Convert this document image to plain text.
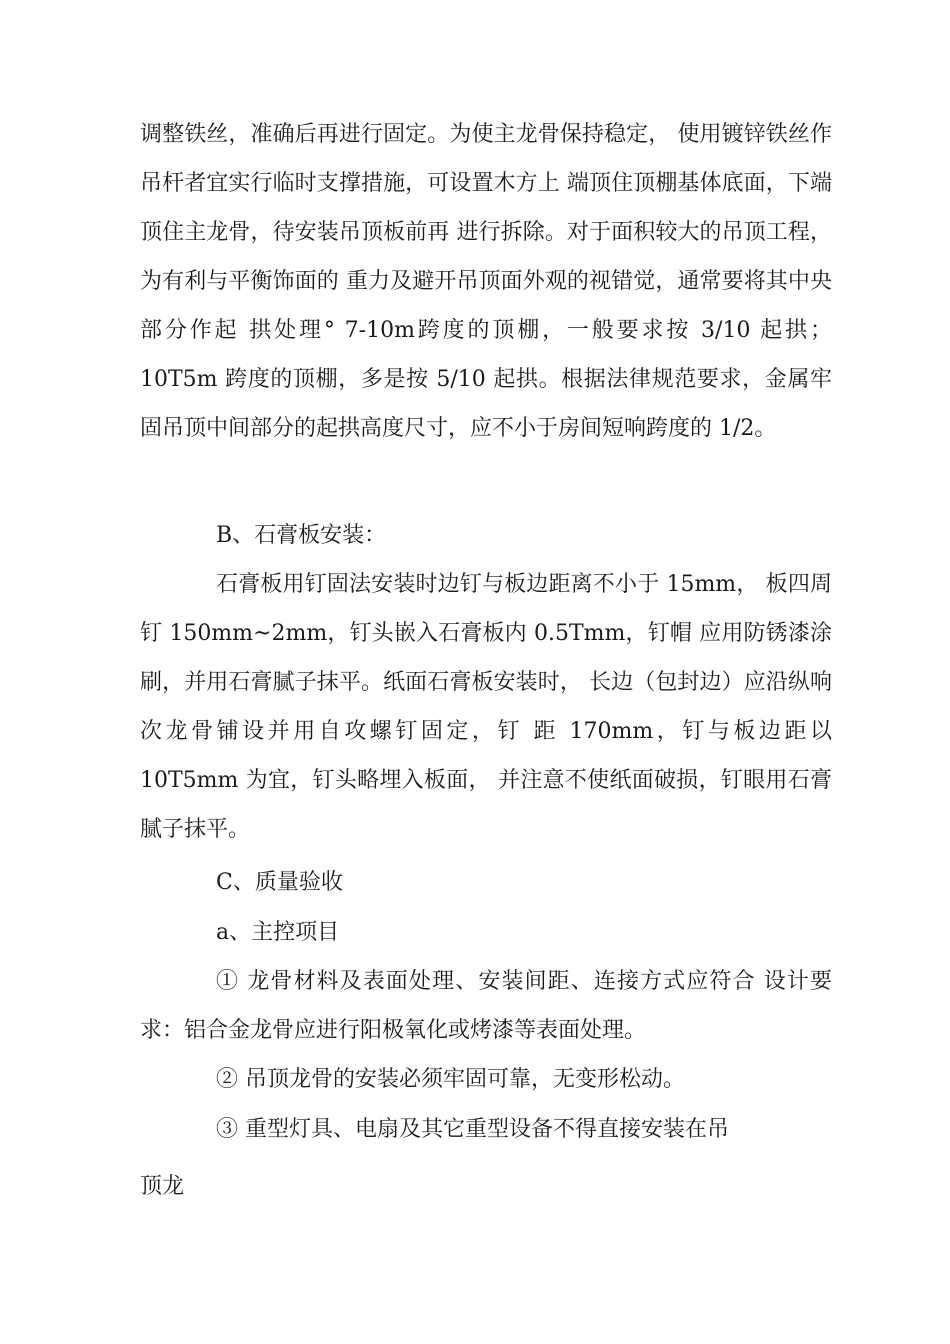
调整铁丝，准确后再进行固定。为使主龙骨保持稳定， 使用镀锌铁丝作吊杆者宜实行临时支撑措施，可设置木方上 端顶住顶棚基体底面，下端顶住主龙骨，待安装吊顶板前再 进行拆除。对于面积较大的吊顶工程，为有利与平衡饰面的 重力及避开吊顶面外观的视错觉，通常要将其中央部分作起 拱处理° 7-10m跨度的顶棚，一般要求按 3/10 起拱；10T5m 跨度的顶棚，多是按 5/10 起拱。根据法律规范要求，金属牢 固吊顶中间部分的起拱高度尺寸，应不小于房间短响跨度的 1/2。

B、石膏板安装：

石膏板用钉固法安装时边钉与板边距离不小于 15mm， 板四周钉 150mm~2mm，钉头嵌入石膏板内 0.5Tmm，钉帽 应用防锈漆涂刷，并用石膏腻子抹平。纸面石膏板安装时， 长边（包封边）应沿纵响次龙骨铺设并用自攻螺钉固定，钉 距 170mm，钉与板边距以 10T5mm 为宜，钉头略埋入板面， 并注意不使纸面破损，钉眼用石膏腻子抹平。

C、质量验收

a、主控项目

① 龙骨材料及表面处理、安装间距、连接方式应符合 设计要求：铝合金龙骨应进行阳极氧化或烤漆等表面处理。

② 吊顶龙骨的安装必须牢固可靠，无变形松动。

③ 重型灯具、电扇及其它重型设备不得直接安装在吊

顶龙
